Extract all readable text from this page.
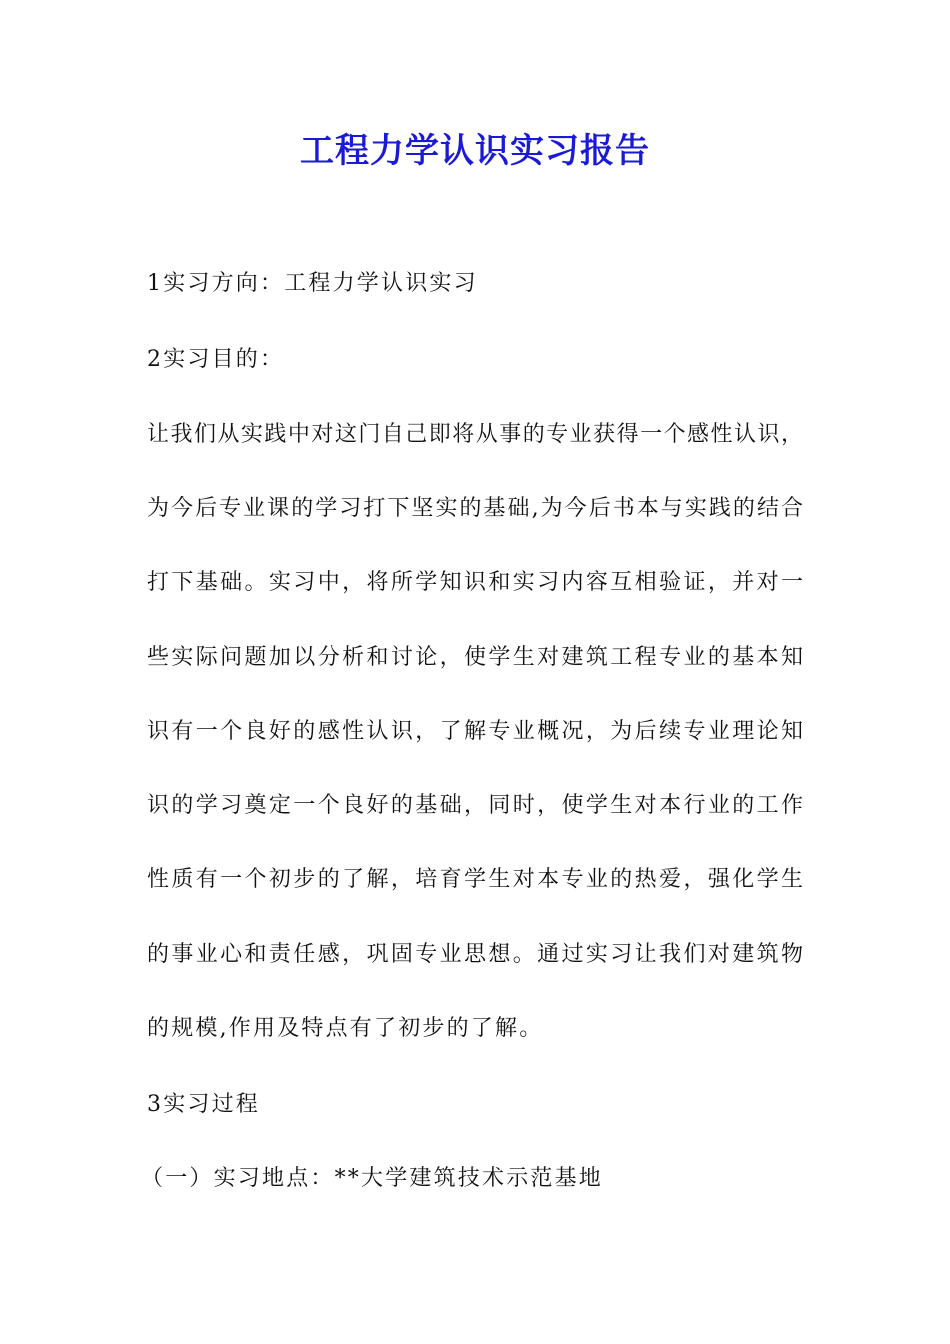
工程力学认识实习报告

1实习方向：工程力学认识实习

2实习目的：

让我们从实践中对这门自己即将从事的专业获得一个感性认识，

为今后专业课的学习打下坚实的基础,为今后书本与实践的结合

打下基础。实习中，将所学知识和实习内容互相验证，并对一

些实际问题加以分析和讨论，使学生对建筑工程专业的基本知

识有一个良好的感性认识，了解专业概况，为后续专业理论知

识的学习奠定一个良好的基础，同时，使学生对本行业的工作

性质有一个初步的了解，培育学生对本专业的热爱，强化学生

的事业心和责任感，巩固专业思想。通过实习让我们对建筑物

的规模,作用及特点有了初步的了解。

3实习过程

（一）实习地点：**大学建筑技术示范基地
